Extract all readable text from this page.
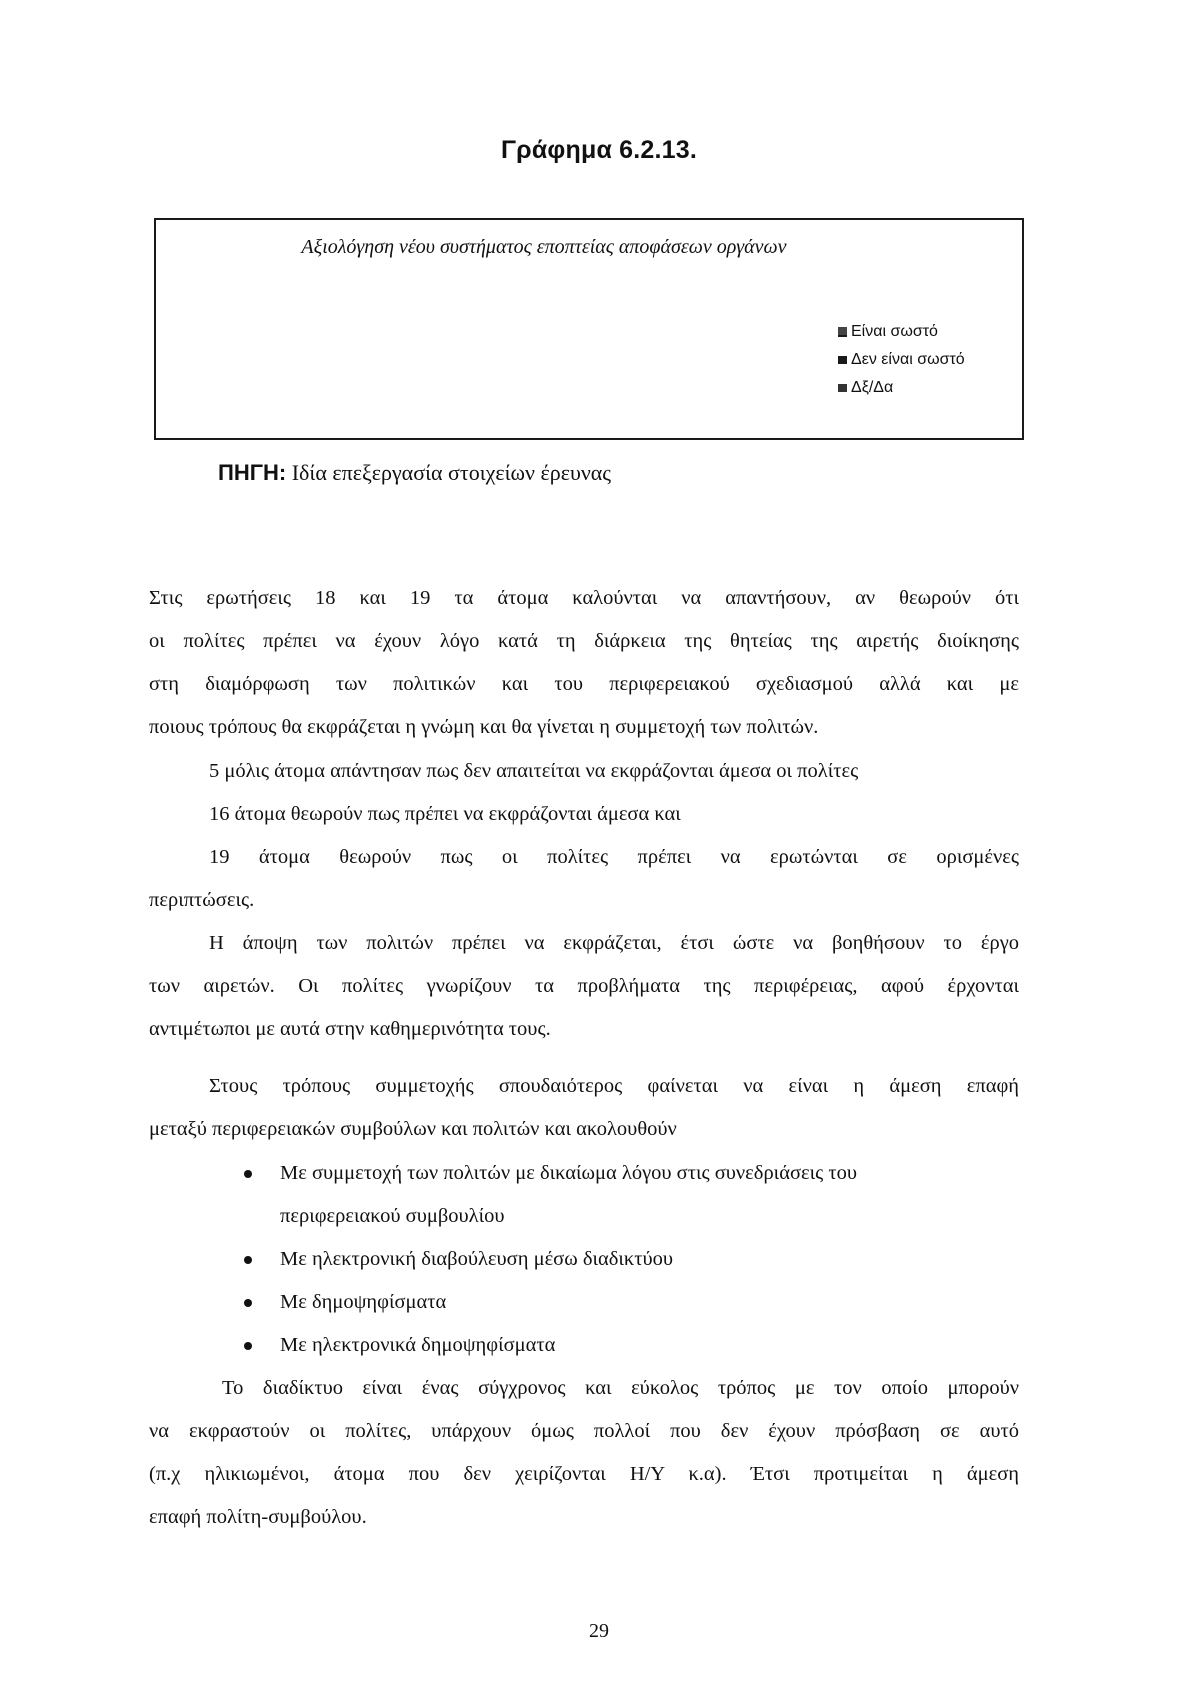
Γράφημα 6.2.13.
Αξιολόγηση νέου συστήματος εποπτείας αποφάσεων οργάνων
Είναι σωστό
Δεν είναι σωστό
Δξ/Δα
ΠΗΓΗ: Ιδία επεξεργασία στοιχείων έρευνας
Στις ερωτήσεις 18 και 19 τα άτομα καλούνται να απαντήσουν, αν θεωρούν ότι
οι πολίτες πρέπει να έχουν λόγο κατά τη διάρκεια της θητείας της αιρετής διοίκησης
στη διαμόρφωση των πολιτικών και του περιφερειακού σχεδιασμού αλλά και με
ποιους τρόπους θα εκφράζεται η γνώμη και θα γίνεται η συμμετοχή των πολιτών.
5 μόλις άτομα απάντησαν πως δεν απαιτείται να εκφράζονται άμεσα οι πολίτες
16 άτομα θεωρούν πως πρέπει να εκφράζονται άμεσα και
19 άτομα θεωρούν πως οι πολίτες πρέπει να ερωτώνται σε ορισμένες
περιπτώσεις.
Η άποψη των πολιτών πρέπει να εκφράζεται, έτσι ώστε να βοηθήσουν το έργο
των αιρετών. Οι πολίτες γνωρίζουν τα προβλήματα της περιφέρειας, αφού έρχονται
αντιμέτωποι με αυτά στην καθημερινότητα τους.
Στους τρόπους συμμετοχής σπουδαιότερος φαίνεται να είναι η άμεση επαφή
μεταξύ περιφερειακών συμβούλων και πολιτών και ακολουθούν
Με συμμετοχή των πολιτών με δικαίωμα λόγου στις συνεδριάσεις του
περιφερειακού συμβουλίου
Με ηλεκτρονική διαβούλευση μέσω διαδικτύου
Με δημοψηφίσματα
Με ηλεκτρονικά δημοψηφίσματα
Το διαδίκτυο είναι ένας σύγχρονος και εύκολος τρόπος με τον οποίο μπορούν
να εκφραστούν οι πολίτες, υπάρχουν όμως πολλοί που δεν έχουν πρόσβαση σε αυτό
(π.χ ηλικιωμένοι, άτομα που δεν χειρίζονται Η/Υ κ.α). Έτσι προτιμείται η άμεση
επαφή πολίτη-συμβούλου.
29
